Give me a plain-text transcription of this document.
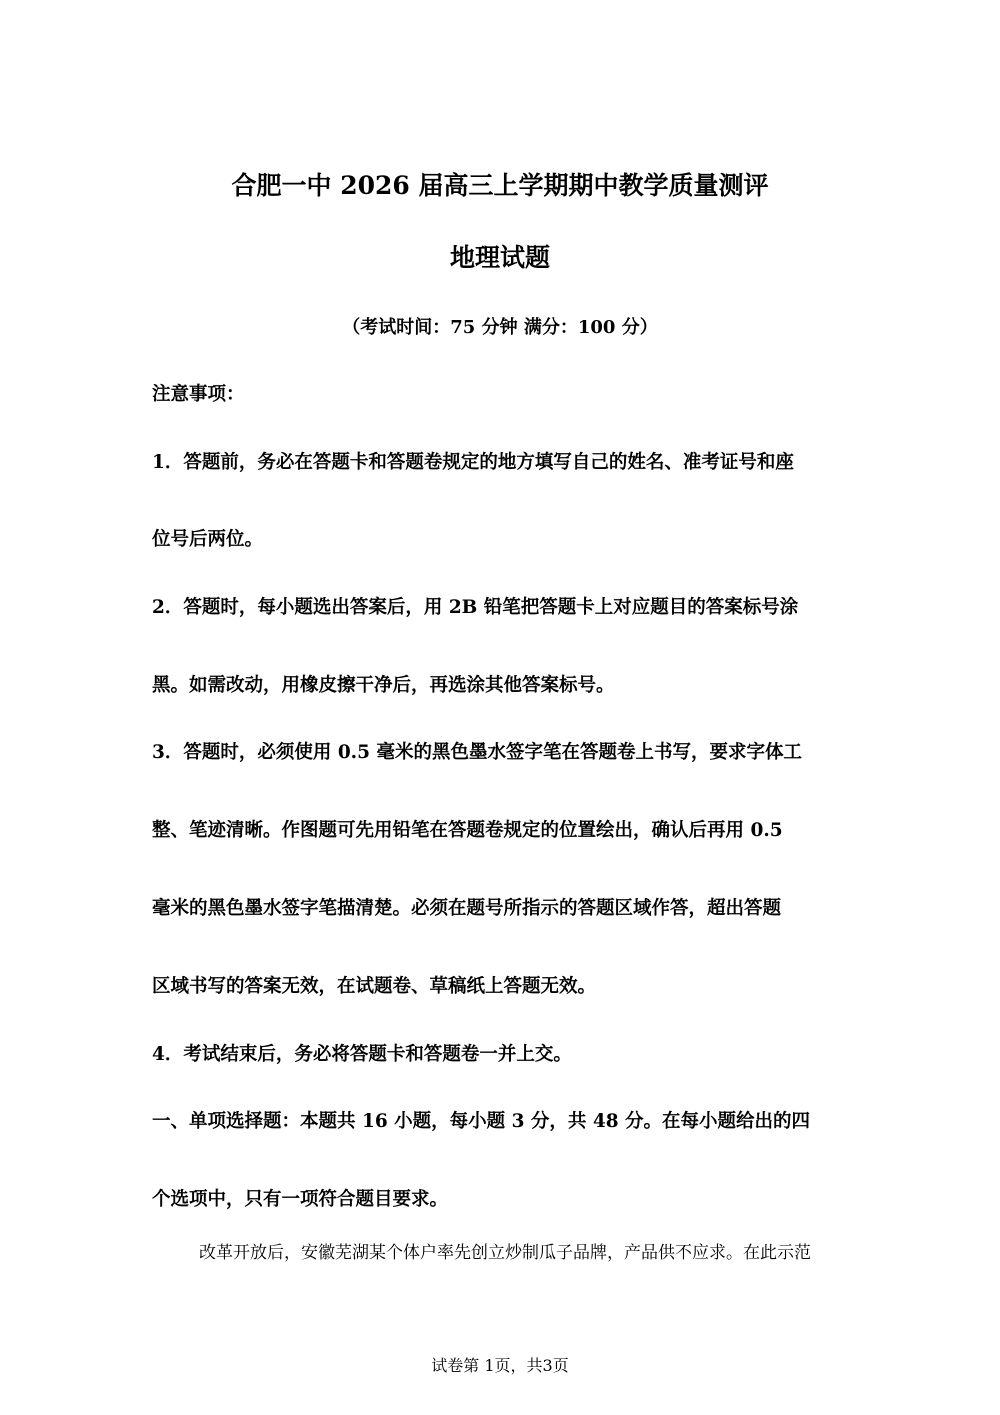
合肥一中 2026 届高三上学期期中教学质量测评
地理试题
（考试时间：75 分钟 满分：100 分）
注意事项：
1．答题前，务必在答题卡和答题卷规定的地方填写自己的姓名、准考证号和座
位号后两位。
2．答题时，每小题选出答案后，用 2B 铅笔把答题卡上对应题目的答案标号涂
黑。如需改动，用橡皮擦干净后，再选涂其他答案标号。
3．答题时，必须使用 0.5 毫米的黑色墨水签字笔在答题卷上书写，要求字体工
整、笔迹清晰。作图题可先用铅笔在答题卷规定的位置绘出，确认后再用 0.5
毫米的黑色墨水签字笔描清楚。必须在题号所指示的答题区域作答，超出答题
区域书写的答案无效，在试题卷、草稿纸上答题无效。
4．考试结束后，务必将答题卡和答题卷一并上交。
一、单项选择题：本题共 16 小题，每小题 3 分，共 48 分。在每小题给出的四
个选项中，只有一项符合题目要求。
改革开放后，安徽芜湖某个体户率先创立炒制瓜子品牌，产品供不应求。在此示范
试卷第 1页，共3页
